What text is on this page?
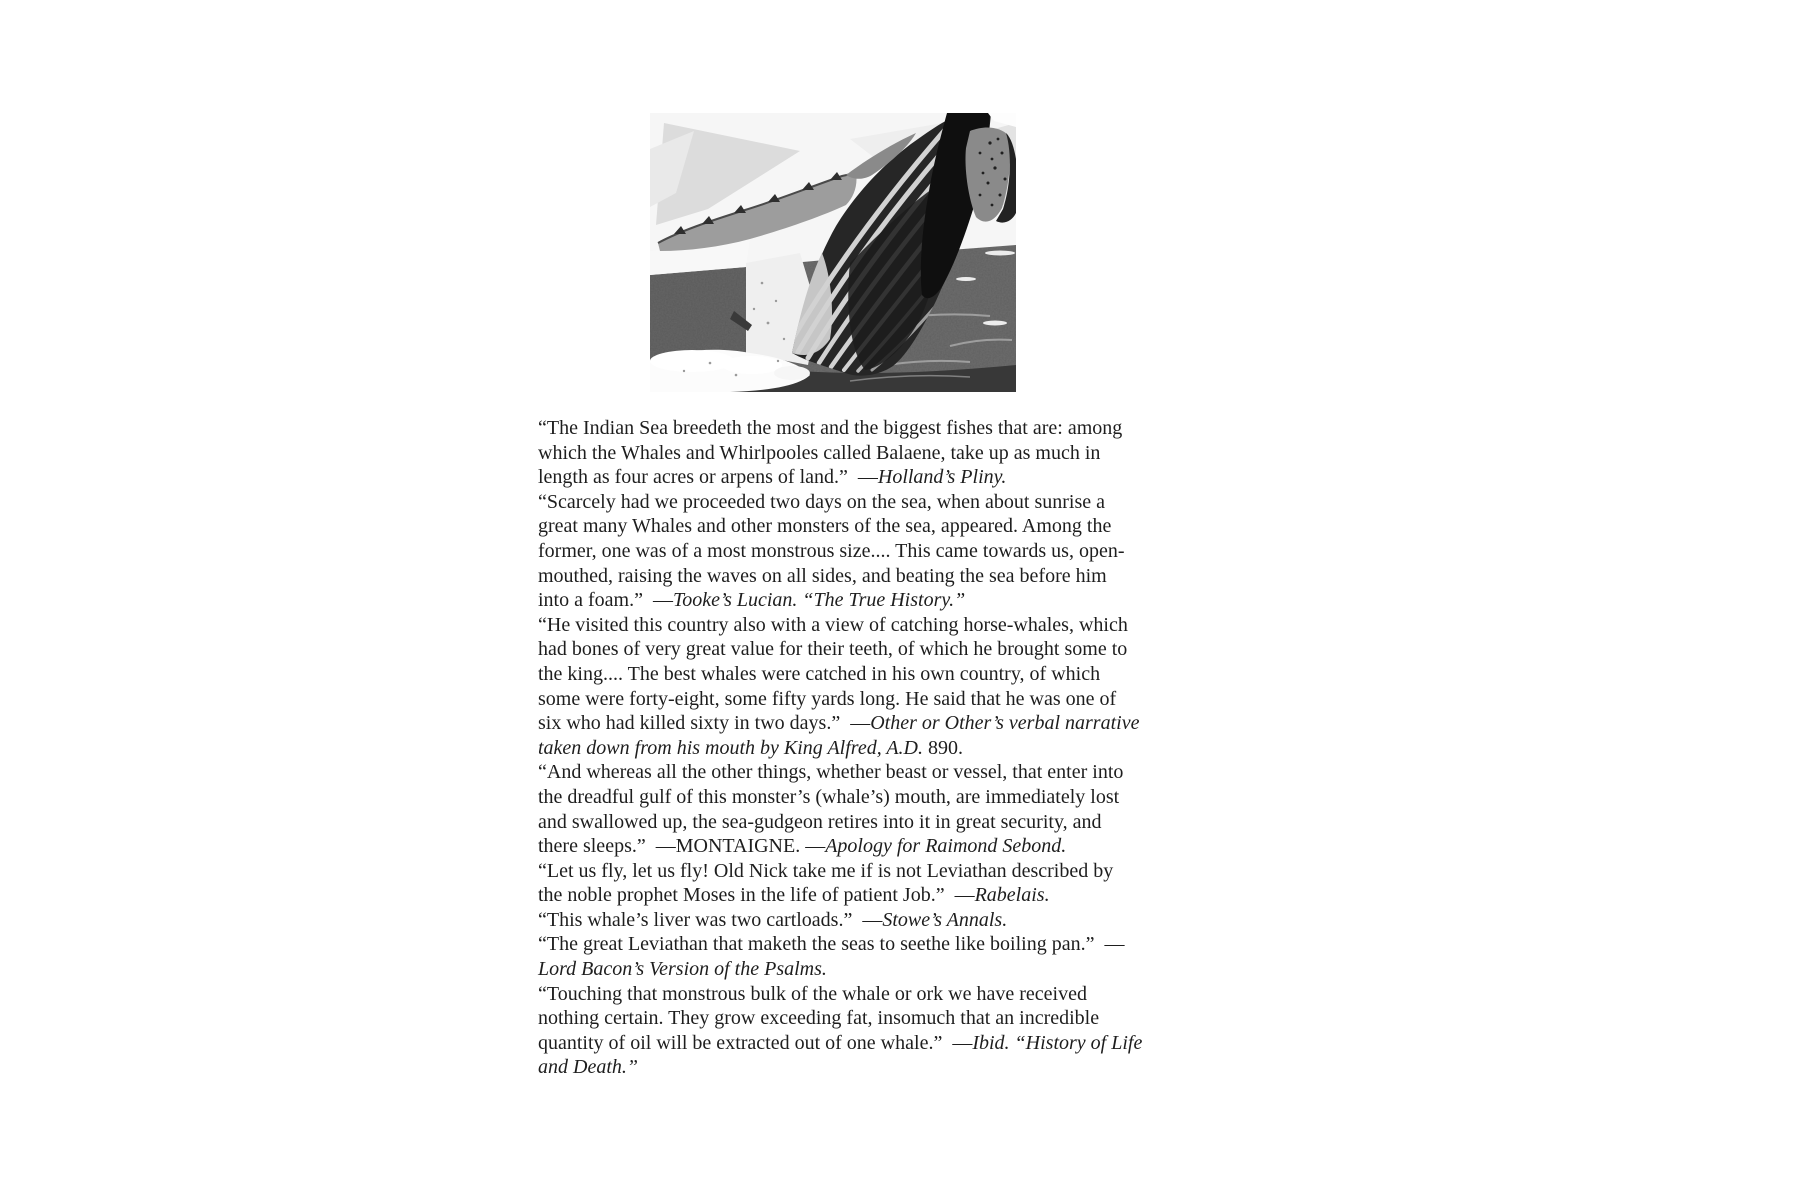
“The Indian Sea breedeth the most and the biggest fishes that are: among
which the Whales and Whirlpooles called Balaene, take up as much in
length as four acres or arpens of land.”  —Holland’s Pliny.
“Scarcely had we proceeded two days on the sea, when about sunrise a
great many Whales and other monsters of the sea, appeared. Among the
former, one was of a most monstrous size.... This came towards us, open-
mouthed, raising the waves on all sides, and beating the sea before him
into a foam.”  —Tooke’s Lucian. “The True History.”
“He visited this country also with a view of catching horse-whales, which
had bones of very great value for their teeth, of which he brought some to
the king.... The best whales were catched in his own country, of which
some were forty-eight, some fifty yards long. He said that he was one of
six who had killed sixty in two days.”  —Other or Other’s verbal narrative
taken down from his mouth by King Alfred, A.D. 890.
“And whereas all the other things, whether beast or vessel, that enter into
the dreadful gulf of this monster’s (whale’s) mouth, are immediately lost
and swallowed up, the sea-gudgeon retires into it in great security, and
there sleeps.”  —MONTAIGNE. —Apology for Raimond Sebond.
“Let us fly, let us fly! Old Nick take me if is not Leviathan described by
the noble prophet Moses in the life of patient Job.”  —Rabelais.
“This whale’s liver was two cartloads.”  —Stowe’s Annals.
“The great Leviathan that maketh the seas to seethe like boiling pan.”  —
Lord Bacon’s Version of the Psalms.
“Touching that monstrous bulk of the whale or ork we have received
nothing certain. They grow exceeding fat, insomuch that an incredible
quantity of oil will be extracted out of one whale.”  —Ibid. “History of Life
and Death.”
